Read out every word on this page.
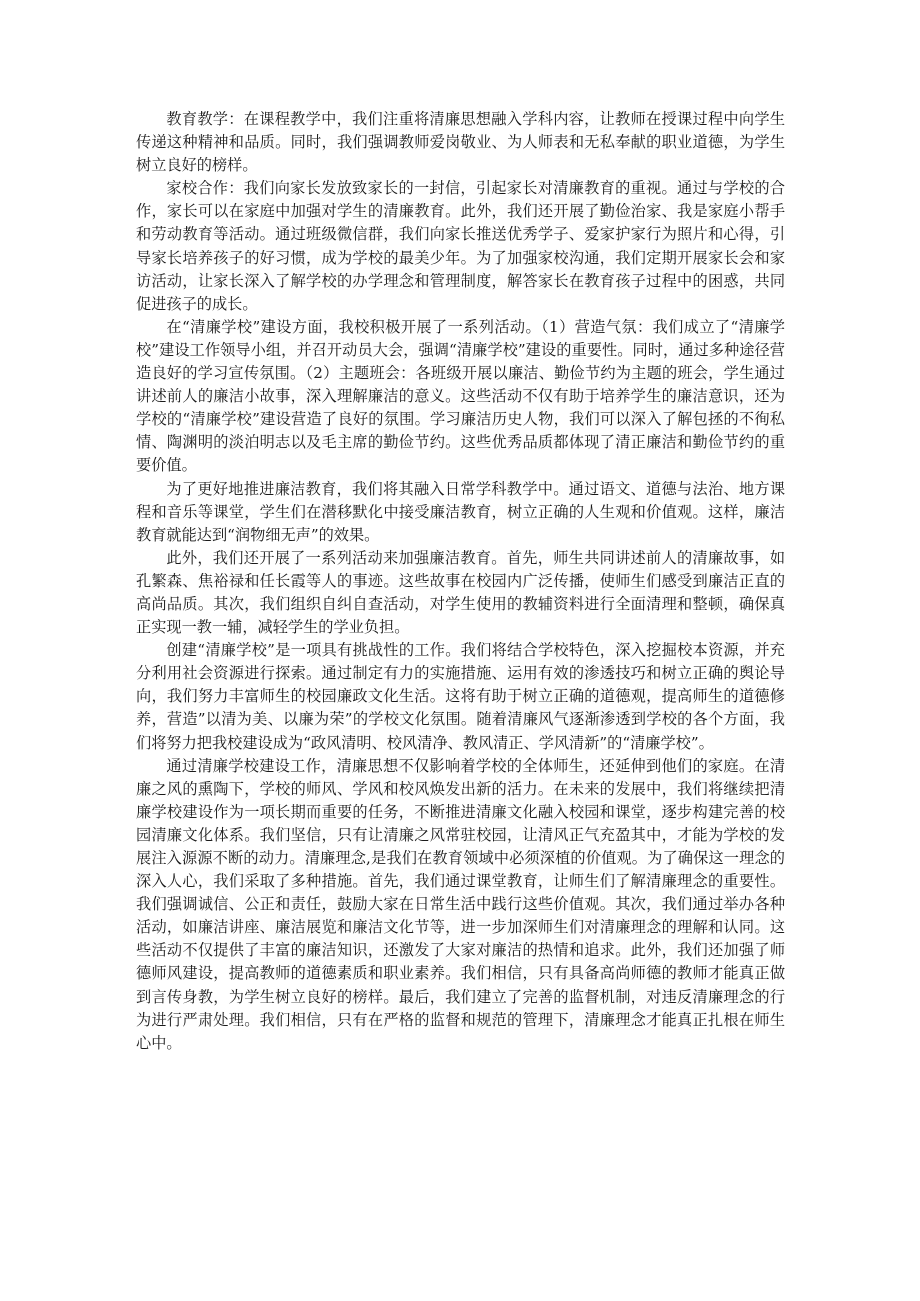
教育教学：在课程教学中，我们注重将清廉思想融入学科内容，让教师在授课过程中向学生传递这种精神和品质。同时，我们强调教师爱岗敬业、为人师表和无私奉献的职业道德，为学生树立良好的榜样。

家校合作：我们向家长发放致家长的一封信，引起家长对清廉教育的重视。通过与学校的合作，家长可以在家庭中加强对学生的清廉教育。此外，我们还开展了勤俭治家、我是家庭小帮手和劳动教育等活动。通过班级微信群，我们向家长推送优秀学子、爱家护家行为照片和心得，引导家长培养孩子的好习惯，成为学校的最美少年。为了加强家校沟通，我们定期开展家长会和家访活动，让家长深入了解学校的办学理念和管理制度，解答家长在教育孩子过程中的困惑，共同促进孩子的成长。

在“清廉学校”建设方面，我校积极开展了一系列活动。（1）营造气氛：我们成立了“清廉学校”建设工作领导小组，并召开动员大会，强调“清廉学校”建设的重要性。同时，通过多种途径营造良好的学习宣传氛围。（2）主题班会：各班级开展以廉洁、勤俭节约为主题的班会，学生通过讲述前人的廉洁小故事，深入理解廉洁的意义。这些活动不仅有助于培养学生的廉洁意识，还为学校的“清廉学校”建设营造了良好的氛围。学习廉洁历史人物，我们可以深入了解包拯的不徇私情、陶渊明的淡泊明志以及毛主席的勤俭节约。这些优秀品质都体现了清正廉洁和勤俭节约的重要价值。

为了更好地推进廉洁教育，我们将其融入日常学科教学中。通过语文、道德与法治、地方课程和音乐等课堂，学生们在潜移默化中接受廉洁教育，树立正确的人生观和价值观。这样，廉洁教育就能达到“润物细无声”的效果。

此外，我们还开展了一系列活动来加强廉洁教育。首先，师生共同讲述前人的清廉故事，如孔繁森、焦裕禄和任长霞等人的事迹。这些故事在校园内广泛传播，使师生们感受到廉洁正直的高尚品质。其次，我们组织自纠自查活动，对学生使用的教辅资料进行全面清理和整顿，确保真正实现一教一辅，减轻学生的学业负担。

创建“清廉学校”是一项具有挑战性的工作。我们将结合学校特色，深入挖掘校本资源，并充分利用社会资源进行探索。通过制定有力的实施措施、运用有效的渗透技巧和树立正确的舆论导向，我们努力丰富师生的校园廉政文化生活。这将有助于树立正确的道德观，提高师生的道德修养，营造”以清为美、以廉为荣”的学校文化氛围。随着清廉风气逐渐渗透到学校的各个方面，我们将努力把我校建设成为“政风清明、校风清净、教风清正、学风清新”的“清廉学校”。

通过清廉学校建设工作，清廉思想不仅影响着学校的全体师生，还延伸到他们的家庭。在清廉之风的熏陶下，学校的师风、学风和校风焕发出新的活力。在未来的发展中，我们将继续把清廉学校建设作为一项长期而重要的任务，不断推进清廉文化融入校园和课堂，逐步构建完善的校园清廉文化体系。我们坚信，只有让清廉之风常驻校园，让清风正气充盈其中，才能为学校的发展注入源源不断的动力。清廉理念,是我们在教育领域中必须深植的价值观。为了确保这一理念的深入人心，我们采取了多种措施。首先，我们通过课堂教育，让师生们了解清廉理念的重要性。我们强调诚信、公正和责任，鼓励大家在日常生活中践行这些价值观。其次，我们通过举办各种活动，如廉洁讲座、廉洁展览和廉洁文化节等，进一步加深师生们对清廉理念的理解和认同。这些活动不仅提供了丰富的廉洁知识，还激发了大家对廉洁的热情和追求。此外，我们还加强了师德师风建设，提高教师的道德素质和职业素养。我们相信，只有具备高尚师德的教师才能真正做到言传身教，为学生树立良好的榜样。最后，我们建立了完善的监督机制，对违反清廉理念的行为进行严肃处理。我们相信，只有在严格的监督和规范的管理下，清廉理念才能真正扎根在师生心中。
